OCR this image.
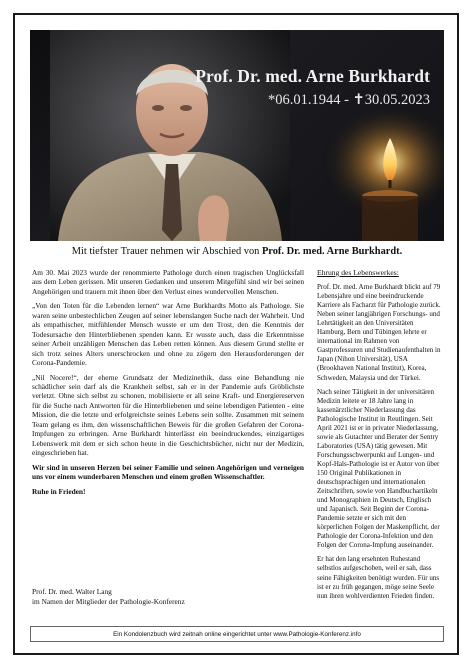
Prof. Dr. med. Arne Burkhardt
*06.01.1944 - ✝30.05.2023
Mit tiefster Trauer nehmen wir Abschied von Prof. Dr. med. Arne Burkhardt.

Am 30. Mai 2023 wurde der renommierte Pathologe durch einen tragischen Unglücksfall aus dem Leben gerissen. Mit unseren Gedanken und unserem Mitgefühl sind wir bei seinen Angehörigen und trauern mit ihnen über den Verlust eines wundervollen Menschen.

„Von den Toten für die Lebenden lernen“ war Arne Burkhardts Motto als Pathologe. Sie waren seine unbestechlichen Zeugen auf seiner lebenslangen Suche nach der Wahrheit. Und als empathischer, mitfühlender Mensch wusste er um den Trost, den die Kenntnis der Todesursache den Hinterbliebenen spenden kann. Er wusste auch, dass die Erkenntnisse seiner Arbeit unzähligen Menschen das Leben retten können. Aus diesem Grund stellte er sich trotz seines Alters unerschrocken und ohne zu zögern den Herausforderungen der Corona-Pandemie.

„Nil Nocere!“, der eherne Grundsatz der Medizinethik, dass eine Behandlung nie schädlicher sein darf als die Krankheit selbst, sah er in der Pandemie aufs Gröblichste verletzt. Ohne sich selbst zu schonen, mobilisierte er all seine Kraft- und Energiereserven für die Suche nach Antworten für die Hinterbliebenen und seine lebendigen Patienten - eine Mission, die die letzte und erfolgreichste seines Lebens sein sollte. Zusammen mit seinem Team gelang es ihm, den wissenschaftlichen Beweis für die großen Gefahren der Corona-Impfungen zu erbringen. Arne Burkhardt hinterlässt ein beeindruckendes, einzigartiges Lebenswerk mit dem er sich schon heute in die Geschichtsbücher, nicht nur der Medizin, eingeschrieben hat.

Wir sind in unseren Herzen bei seiner Familie und seinen Angehörigen und verneigen uns vor einem wunderbaren Menschen und einem großen Wissenschaftler.

Ruhe in Frieden!

Prof. Dr. med. Walter Lang
im Namen der Mitglieder der Pathologie-Konferenz
Ehrung des Lebenswerkes:

Prof. Dr. med. Arne Burkhardt blickt auf 79 Lebensjahre und eine beeindruckende Karriere als Facharzt für Pathologie zurück. Neben seiner langjährigen Forschungs- und Lehrtätigkeit an den Universitäten Hamburg, Bern und Tübingen lehrte er international im Rahmen von Gastprofessuren und Studienaufenthalten in Japan (Nihon Universität), USA (Brookhaven National Institut), Korea, Schweden, Malaysia und der Türkei.

Nach seiner Tätigkeit in der universitären Medizin leitete er 18 Jahre lang in kassenärztlicher Niederlassung das Pathologische Institut in Reutlingen. Seit April 2021 ist er in privater Niederlassung, sowie als Gutachter und Berater der Sentry Laboratories (USA) tätig gewesen. Mit Forschungsschwerpunkt auf Lungen- und Kopf-Hals-Pathologie ist er Autor von über 150 Original Publikationen in deutschsprachigen und internationalen Zeitschriften, sowie von Handbuchartikeln und Monographien in Deutsch, Englisch und Japanisch. Seit Beginn der Corona-Pandemie setzte er sich mit den körperlichen Folgen der Maskenpflicht, der Pathologie der Corona-Infektion und den Folgen der Corona-Impfung auseinander.

Er hat den lang ersehnten Ruhestand selbstlos aufgeschoben, weil er sah, dass seine Fähigkeiten benötigt wurden. Für uns ist er zu früh gegangen, möge seine Seele nun ihren wohlverdienten Frieden finden.

Ein Kondolenzbuch wird zeitnah online eingerichtet unter www.Pathologie-Konferenz.info
